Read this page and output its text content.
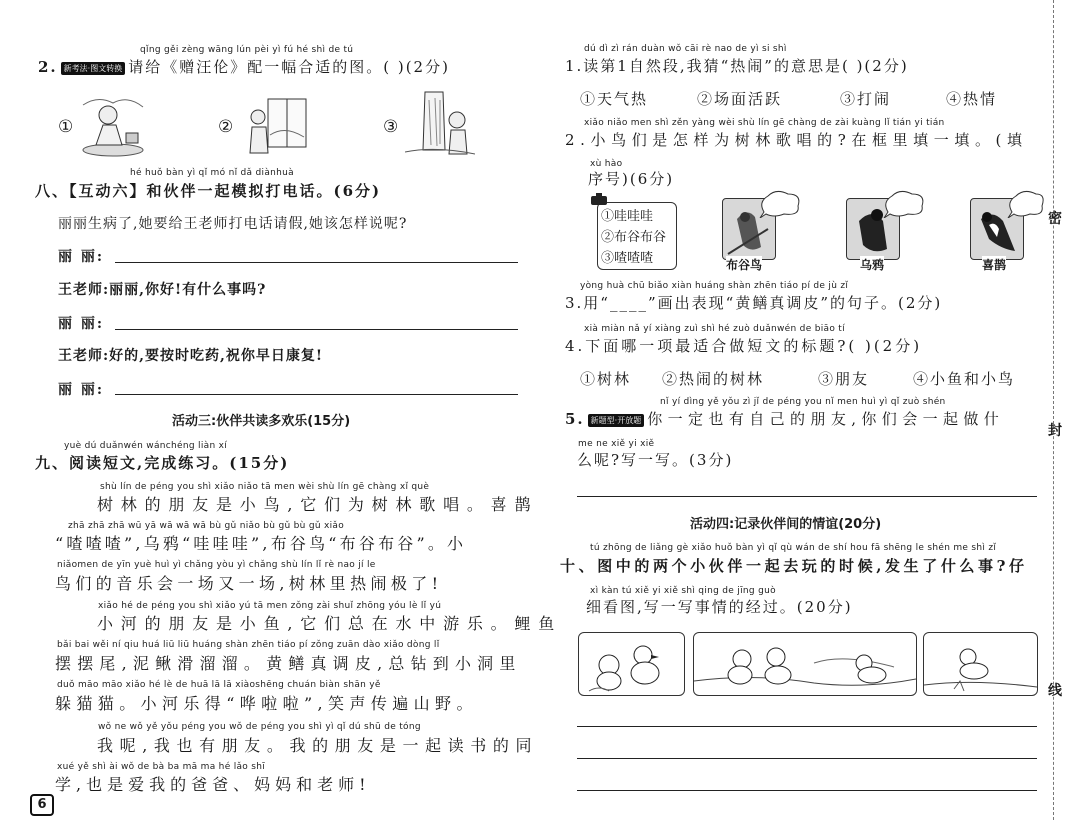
qǐng gěi zèng wāng lún pèi yì fú hé shì de tú
2. 新考法·图文转换 请给《赠汪伦》配一幅合适的图。( )(2分)
①	②	③
hé huǒ bàn yì qǐ mó nǐ dǎ diànhuà
八、【互动六】和伙伴一起模拟打电话。(6分)
丽丽生病了,她要给王老师打电话请假,她该怎样说呢?
丽 丽:
王老师:丽丽,你好!有什么事吗?
丽 丽:
王老师:好的,要按时吃药,祝你早日康复!
丽 丽:
活动三:伙伴共读多欢乐(15分)
yuè dú duǎnwén wánchéng liàn xí
九、阅读短文,完成练习。(15分)
shù lín de péng you shì xiǎo niǎo tā men wèi shù lín gē chàng xǐ què
树林的朋友是小鸟,它们为树林歌唱。喜鹊
zhā zhā zhā wū yā wā wā wā bù gǔ niǎo bù gǔ bù gǔ xiǎo
“喳喳喳”,乌鸦“哇哇哇”,布谷鸟“布谷布谷”。小
niǎomen de yīn yuè huì yì chǎng yòu yì chǎng shù lín lǐ rè nao jí le
鸟们的音乐会一场又一场,树林里热闹极了!
xiǎo hé de péng you shì xiǎo yú tā men zǒng zài shuǐ zhōng yóu lè lǐ yú
小河的朋友是小鱼,它们总在水中游乐。鲤鱼
bǎi bai wěi ní qiu huá liū liū huáng shàn zhēn tiáo pí zǒng zuān dào xiǎo dòng lǐ
摆摆尾,泥鳅滑溜溜。黄鳝真调皮,总钻到小洞里
duǒ māo māo xiǎo hé lè de huā lā lā xiàoshēng chuán biàn shān yě
躲猫猫。小河乐得“哗啦啦”,笑声传遍山野。
wǒ ne wǒ yě yǒu péng you wǒ de péng you shì yì qǐ dú shū de tóng
我呢,我也有朋友。我的朋友是一起读书的同
xué yě shì ài wǒ de bà ba mā ma hé lǎo shī
学,也是爱我的爸爸、妈妈和老师!
6
dú dì zì rán duàn wǒ cāi rè nao de yì si shì
1.读第1自然段,我猜“热闹”的意思是( )(2分)
①天气热	②场面活跃	③打闹	④热情
xiǎo niǎo men shì zěn yàng wèi shù lín gē chàng de zài kuàng lǐ tián yi tián
2.小鸟们是怎样为树林歌唱的?在框里填一填。(填
xù hào
序号)(6分)
①哇哇哇
②布谷布谷
③喳喳喳	布谷鸟	乌鸦	喜鹊
yòng huà chū biǎo xiàn huáng shàn zhēn tiáo pí de jù zǐ
3.用“____”画出表现“黄鳝真调皮”的句子。(2分)
xià miàn nǎ yí xiàng zuì shì hé zuò duǎnwén de biāo tí
4.下面哪一项最适合做短文的标题?( )(2分)
①树林 ②热闹的树林	③朋友	④小鱼和小鸟
nǐ yí dìng yě yǒu zì jǐ de péng you nǐ men huì yì qǐ zuò shén
5. 新题型·开放题 你一定也有自己的朋友,你们会一起做什
me ne xiě yi xiě
么呢?写一写。(3分)
活动四:记录伙伴间的情谊(20分)
tú zhōng de liǎng gè xiǎo huǒ bàn yì qǐ qù wán de shí hou fā shēng le shén me shì zǐ
十、图中的两个小伙伴一起去玩的时候,发生了什么事?仔
xì kàn tú xiě yi xiě shì qing de jīng guò
细看图,写一写事情的经过。(20分)
密
封
线
